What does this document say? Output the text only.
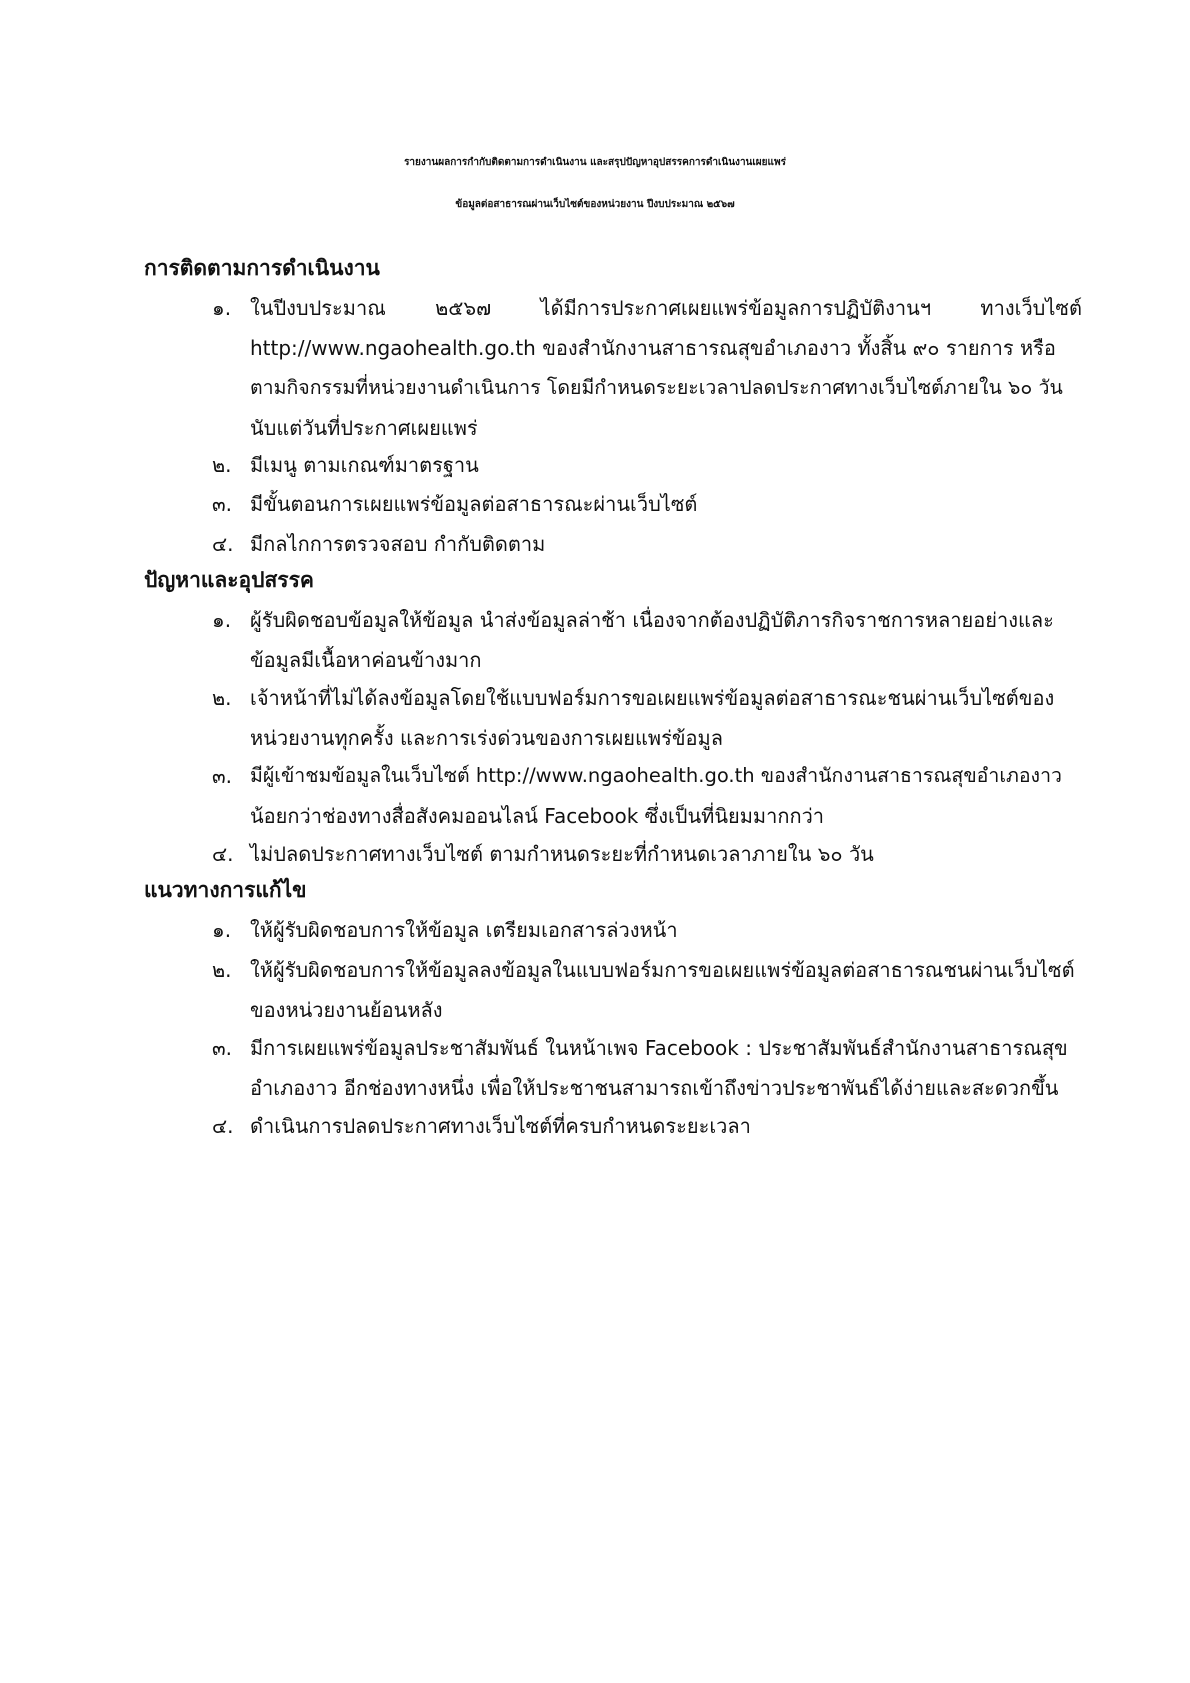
รายงานผลการกำกับติดตามการดำเนินงาน และสรุปปัญหาอุปสรรคการดำเนินงานเผยแพร่
ข้อมูลต่อสาธารณผ่านเว็บไซต์ของหน่วยงาน ปีงบประมาณ ๒๕๖๗
การติดตามการดำเนินงาน
๑. ในปีงบประมาณ ๒๕๖๗ ได้มีการประกาศเผยแพร่ข้อมูลการปฏิบัติงานฯ ทางเว็บไซต์
http://www.ngaohealth.go.th ของสำนักงานสาธารณสุขอำเภองาว ทั้งสิ้น ๙๐ รายการ หรือ
ตามกิจกรรมที่หน่วยงานดำเนินการ โดยมีกำหนดระยะเวลาปลดประกาศทางเว็บไซต์ภายใน ๖๐ วัน
นับแต่วันที่ประกาศเผยแพร่
๒. มีเมนู ตามเกณฑ์มาตรฐาน
๓. มีขั้นตอนการเผยแพร่ข้อมูลต่อสาธารณะผ่านเว็บไซต์
๔. มีกลไกการตรวจสอบ กำกับติดตาม
ปัญหาและอุปสรรค
๑. ผู้รับผิดชอบข้อมูลให้ข้อมูล นำส่งข้อมูลล่าช้า เนื่องจากต้องปฏิบัติภารกิจราชการหลายอย่างและ
ข้อมูลมีเนื้อหาค่อนข้างมาก
๒. เจ้าหน้าที่ไม่ได้ลงข้อมูลโดยใช้แบบฟอร์มการขอเผยแพร่ข้อมูลต่อสาธารณะชนผ่านเว็บไซต์ของ
หน่วยงานทุกครั้ง และการเร่งด่วนของการเผยแพร่ข้อมูล
๓. มีผู้เข้าชมข้อมูลในเว็บไซต์ http://www.ngaohealth.go.th ของสำนักงานสาธารณสุขอำเภองาว
น้อยกว่าช่องทางสื่อสังคมออนไลน์ Facebook ซึ่งเป็นที่นิยมมากกว่า
๔. ไม่ปลดประกาศทางเว็บไซต์ ตามกำหนดระยะที่กำหนดเวลาภายใน ๖๐ วัน
แนวทางการแก้ไข
๑. ให้ผู้รับผิดชอบการให้ข้อมูล เตรียมเอกสารล่วงหน้า
๒. ให้ผู้รับผิดชอบการให้ข้อมูลลงข้อมูลในแบบฟอร์มการขอเผยแพร่ข้อมูลต่อสาธารณชนผ่านเว็บไซต์
ของหน่วยงานย้อนหลัง
๓. มีการเผยแพร่ข้อมูลประชาสัมพันธ์ ในหน้าเพจ Facebook : ประชาสัมพันธ์สำนักงานสาธารณสุข
อำเภองาว อีกช่องทางหนึ่ง เพื่อให้ประชาชนสามารถเข้าถึงข่าวประชาพันธ์ได้ง่ายและสะดวกขึ้น
๔. ดำเนินการปลดประกาศทางเว็บไซต์ที่ครบกำหนดระยะเวลา
